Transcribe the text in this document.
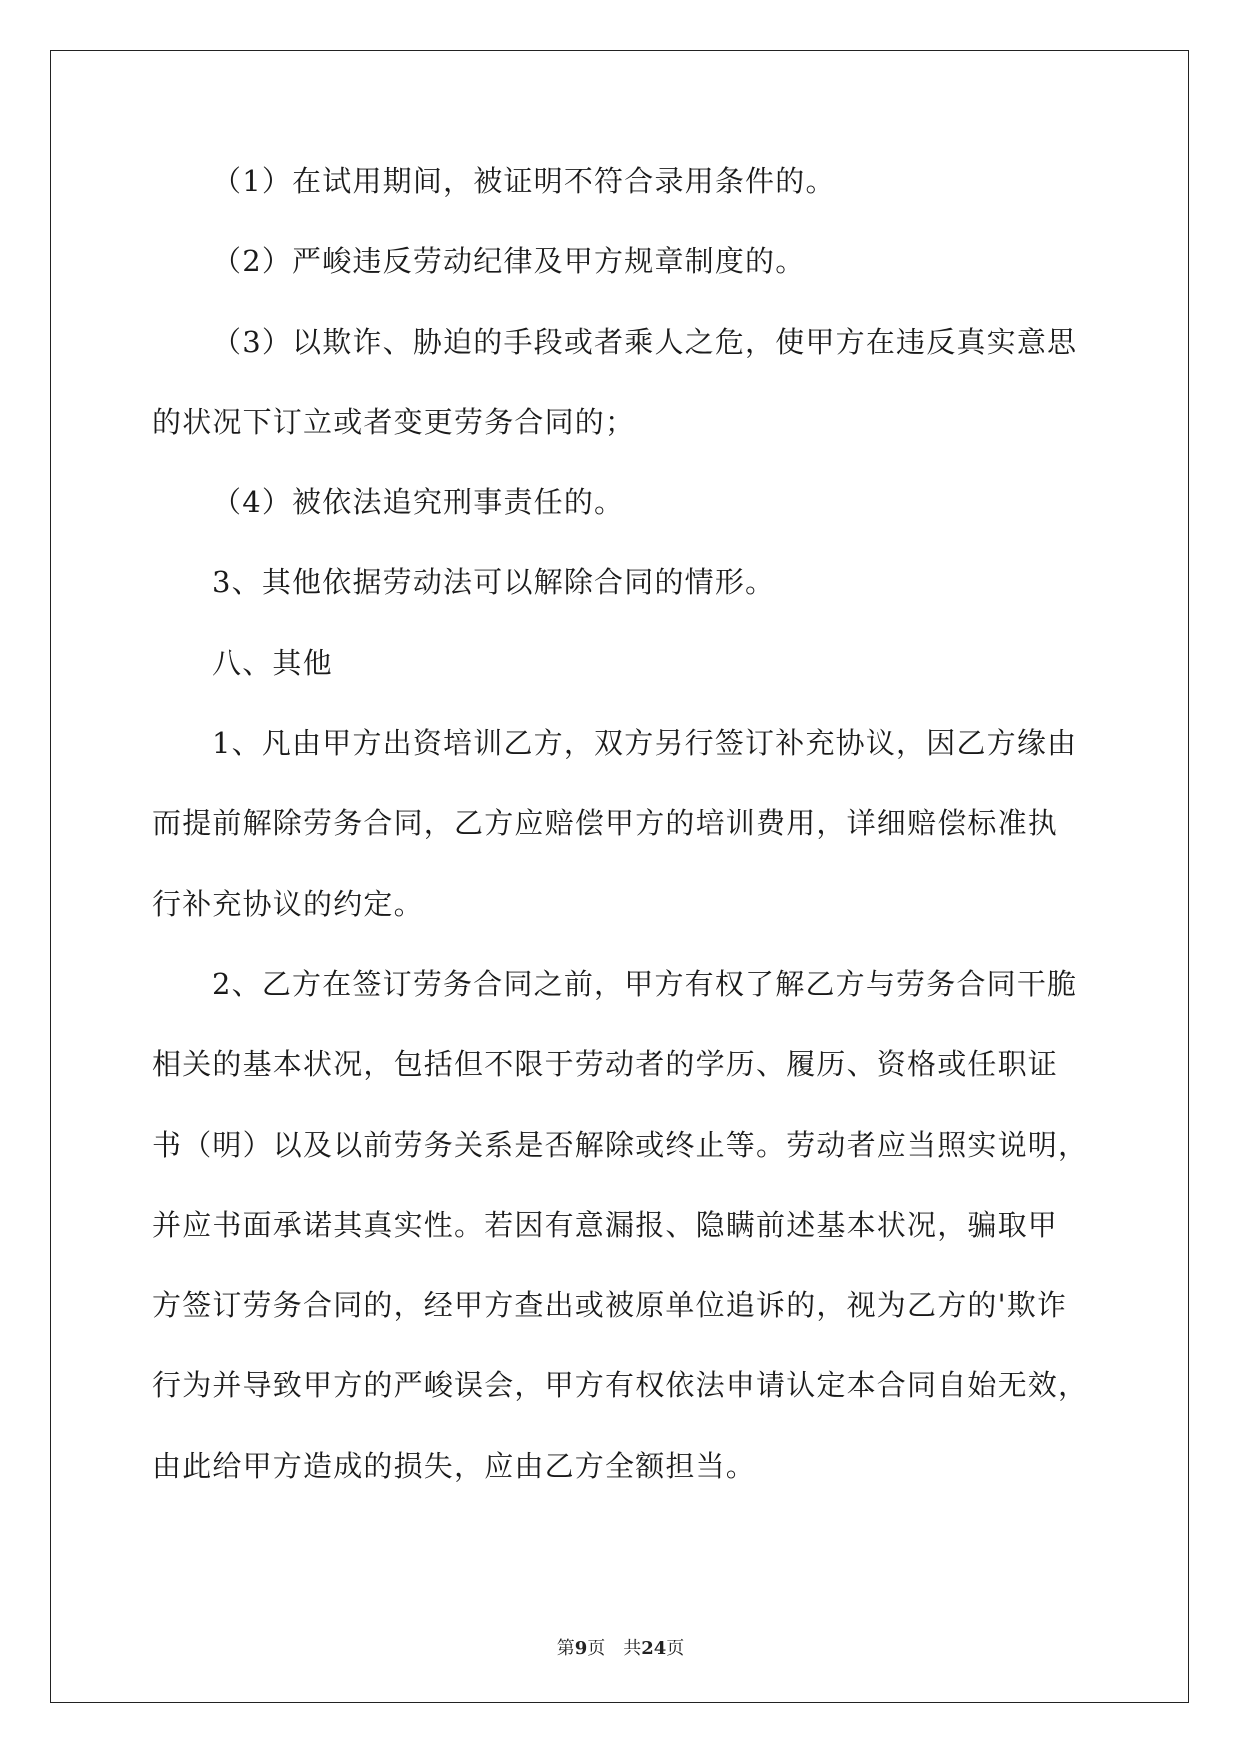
（1）在试用期间，被证明不符合录用条件的。
（2）严峻违反劳动纪律及甲方规章制度的。
（3）以欺诈、胁迫的手段或者乘人之危，使甲方在违反真实意思
的状况下订立或者变更劳务合同的；
（4）被依法追究刑事责任的。
3、其他依据劳动法可以解除合同的情形。
八、其他
1、凡由甲方出资培训乙方，双方另行签订补充协议，因乙方缘由
而提前解除劳务合同，乙方应赔偿甲方的培训费用，详细赔偿标准执
行补充协议的约定。
2、乙方在签订劳务合同之前，甲方有权了解乙方与劳务合同干脆
相关的基本状况，包括但不限于劳动者的学历、履历、资格或任职证
书（明）以及以前劳务关系是否解除或终止等。劳动者应当照实说明，
并应书面承诺其真实性。若因有意漏报、隐瞒前述基本状况，骗取甲
方签订劳务合同的，经甲方查出或被原单位追诉的，视为乙方的'欺诈
行为并导致甲方的严峻误会，甲方有权依法申请认定本合同自始无效，
由此给甲方造成的损失，应由乙方全额担当。
第9页　共24页
